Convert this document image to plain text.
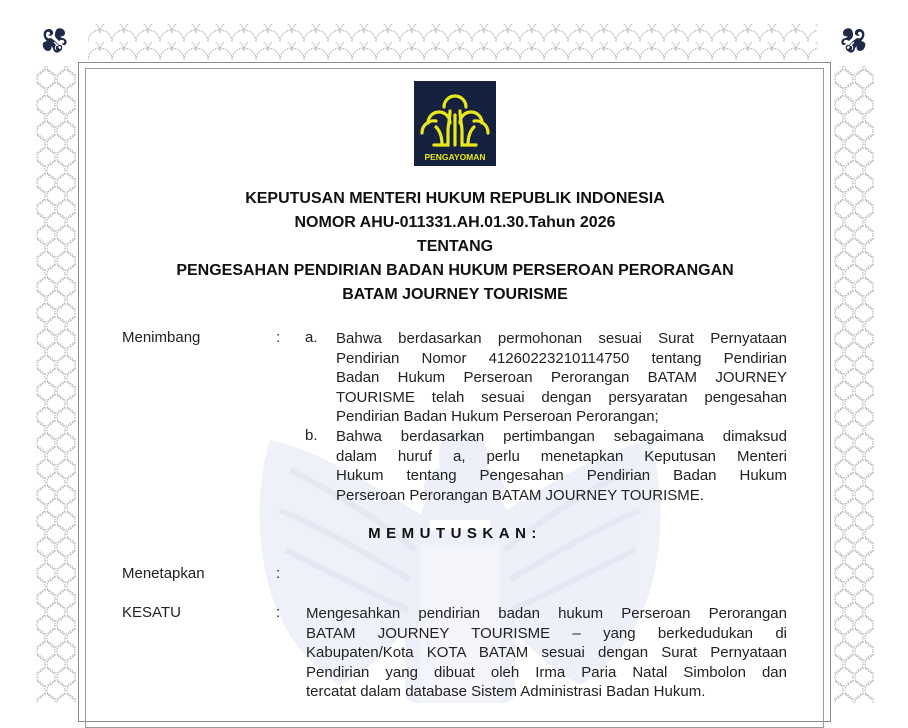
PENGAYOMAN
KEPUTUSAN MENTERI HUKUM REPUBLIK INDONESIA
NOMOR AHU-011331.AH.01.30.Tahun 2026
TENTANG
PENGESAHAN PENDIRIAN BADAN HUKUM PERSEROAN PERORANGAN
BATAM JOURNEY TOURISME
Menimbang	: a. Bahwa berdasarkan permohonan sesuai Surat Pernyataan
Pendirian Nomor 41260223210114750 tentang Pendirian
Badan Hukum Perseroan Perorangan BATAM JOURNEY
TOURISME telah sesuai dengan persyaratan pengesahan
Pendirian Badan Hukum Perseroan Perorangan;
b. Bahwa berdasarkan pertimbangan sebagaimana dimaksud
dalam huruf a, perlu menetapkan Keputusan Menteri
Hukum tentang Pengesahan Pendirian Badan Hukum
Perseroan Perorangan BATAM JOURNEY TOURISME.
MEMUTUSKAN:
Menetapkan	:
KESATU	: Mengesahkan pendirian badan hukum Perseroan Perorangan
BATAM JOURNEY TOURISME – yang berkedudukan di
Kabupaten/Kota KOTA BATAM sesuai dengan Surat Pernyataan
Pendirian yang dibuat oleh Irma Paria Natal Simbolon dan
tercatat dalam database Sistem Administrasi Badan Hukum.
